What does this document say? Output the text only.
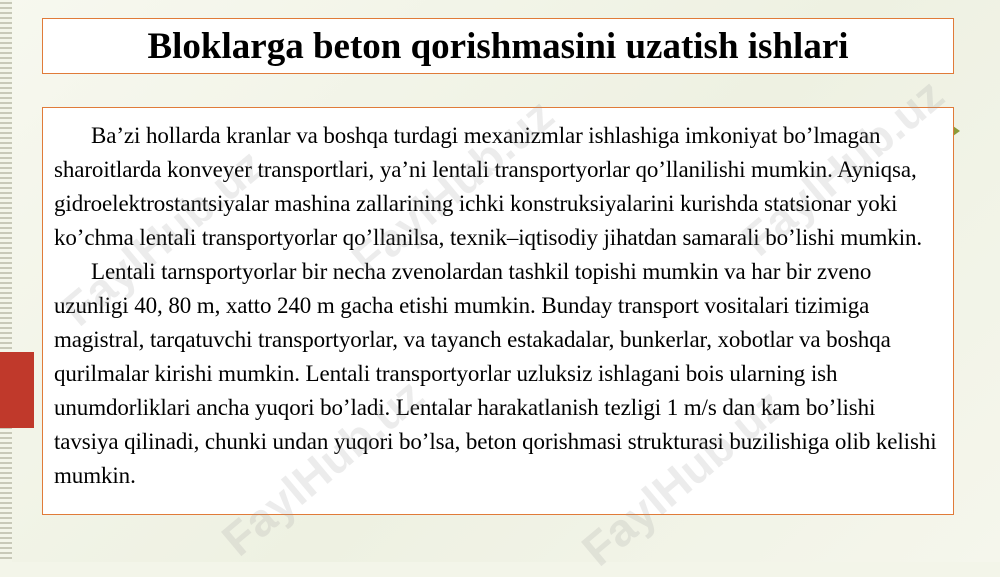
Bloklarga beton qorishmasini uzatish ishlari

Ba’zi hollarda kranlar va boshqa turdagi mexanizmlar ishlashiga imkoniyat bo’lmagan sharoitlarda konveyer transportlari, ya’ni lentali transportyorlar qo’llanilishi mumkin. Ayniqsa, gidroelektrostantsiyalar mashina zallarining ichki konstruksiyalarini kurishda statsionar yoki ko’chma lentali transportyorlar qo’llanilsa, texnik–iqtisodiy jihatdan samarali bo’lishi mumkin.

Lentali tarnsportyorlar bir necha zvenolardan tashkil topishi mumkin va har bir zveno uzunligi 40, 80 m, xatto 240 m gacha etishi mumkin. Bunday transport vositalari tizimiga magistral, tarqatuvchi transportyorlar, va tayanch estakadalar, bunkerlar, xobotlar va boshqa qurilmalar kirishi mumkin. Lentali transportyorlar uzluksiz ishlagani bois ularning ish unumdorliklari ancha yuqori bo’ladi. Lentalar harakatlanish tezligi 1 m/s dan kam bo’lishi tavsiya qilinadi, chunki undan yuqori bo’lsa, beton qorishmasi strukturasi buzilishiga olib kelishi mumkin.
